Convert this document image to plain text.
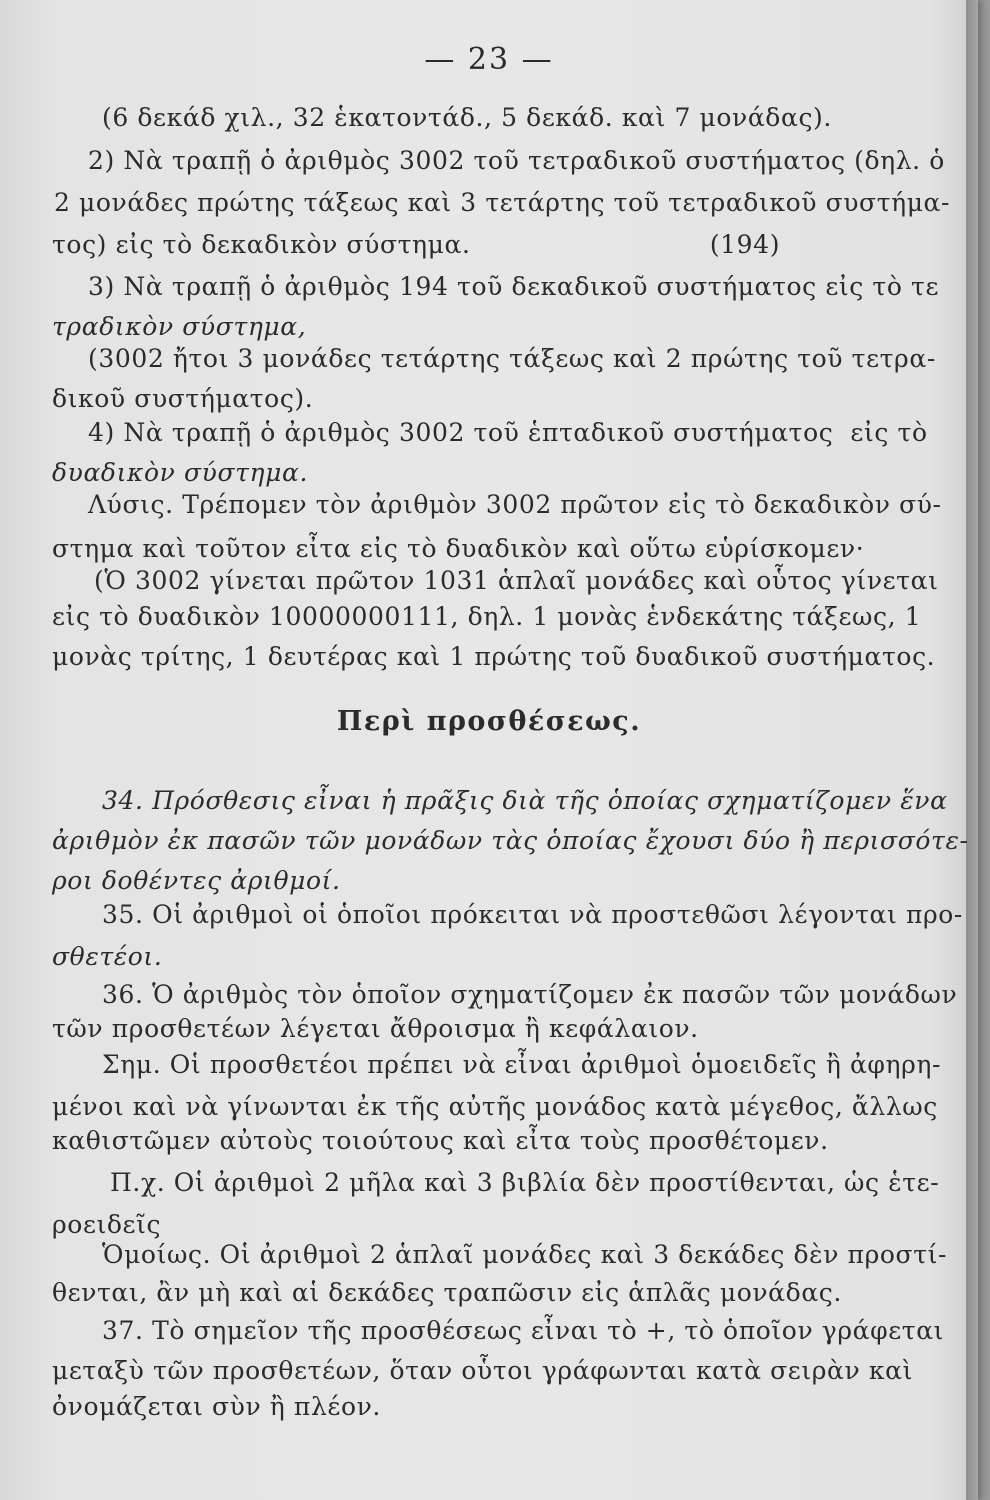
— 23 —
(6 δεκάδ χιλ., 32 ἑκατοντάδ., 5 δεκάδ. καὶ 7 μονάδας).
2) Νὰ τραπῇ ὁ ἀριθμὸς 3002 τοῦ τετραδικοῦ συστήματος (δηλ. ὁ
2 μονάδες πρώτης τάξεως καὶ 3 τετάρτης τοῦ τετραδικοῦ συστήμα-
τος) εἰς τὸ δεκαδικὸν σύστημα.                            (194)
3) Νὰ τραπῇ ὁ ἀριθμὸς 194 τοῦ δεκαδικοῦ συστήματος εἰς τὸ τε
τραδικὸν σύστημα,
(3002 ἤτοι 3 μονάδες τετάρτης τάξεως καὶ 2 πρώτης τοῦ τετρα-
δικοῦ συστήματος).
4) Νὰ τραπῇ ὁ ἀριθμὸς 3002 τοῦ ἑπταδικοῦ συστήματος  εἰς τὸ
δυαδικὸν σύστημα.
Λύσις. Τρέπομεν τὸν ἀριθμὸν 3002 πρῶτον εἰς τὸ δεκαδικὸν σύ-
στημα καὶ τοῦτον εἶτα εἰς τὸ δυαδικὸν καὶ οὕτω εὑρίσκομεν·
(Ὁ 3002 γίνεται πρῶτον 1031 ἁπλαῖ μονάδες καὶ οὗτος γίνεται
εἰς τὸ δυαδικὸν 10000000111, δηλ. 1 μονὰς ἑνδεκάτης τάξεως, 1
μονὰς τρίτης, 1 δευτέρας καὶ 1 πρώτης τοῦ δυαδικοῦ συστήματος.
Περὶ προσθέσεως.
34. Πρόσθεσις εἶναι ἡ πρᾶξις διὰ τῆς ὁποίας σχηματίζομεν ἕνα
ἀριθμὸν ἐκ πασῶν τῶν μονάδων τὰς ὁποίας ἔχουσι δύο ἢ περισσότε-
ροι δοθέντες ἀριθμοί.
35. Οἱ ἀριθμοὶ οἱ ὁποῖοι πρόκειται νὰ προστεθῶσι λέγονται προ-
σθετέοι.
36. Ὁ ἀριθμὸς τὸν ὁποῖον σχηματίζομεν ἐκ πασῶν τῶν μονάδων
τῶν προσθετέων λέγεται ἄθροισμα ἢ κεφάλαιον.
Σημ. Οἱ προσθετέοι πρέπει νὰ εἶναι ἀριθμοὶ ὁμοειδεῖς ἢ ἀφηρη-
μένοι καὶ νὰ γίνωνται ἐκ τῆς αὐτῆς μονάδος κατὰ μέγεθος, ἄλλως
καθιστῶμεν αὐτοὺς τοιούτους καὶ εἶτα τοὺς προσθέτομεν.
Π.χ. Οἱ ἀριθμοὶ 2 μῆλα καὶ 3 βιβλία δὲν προστίθενται, ὡς ἑτε-
ροειδεῖς
Ὁμοίως. Οἱ ἀριθμοὶ 2 ἁπλαῖ μονάδες καὶ 3 δεκάδες δὲν προστί-
θενται, ἂν μὴ καὶ αἱ δεκάδες τραπῶσιν εἰς ἁπλᾶς μονάδας.
37. Τὸ σημεῖον τῆς προσθέσεως εἶναι τὸ +, τὸ ὁποῖον γράφεται
μεταξὺ τῶν προσθετέων, ὅταν οὗτοι γράφωνται κατὰ σειρὰν καὶ
ὀνομάζεται σὺν ἢ πλέον.
